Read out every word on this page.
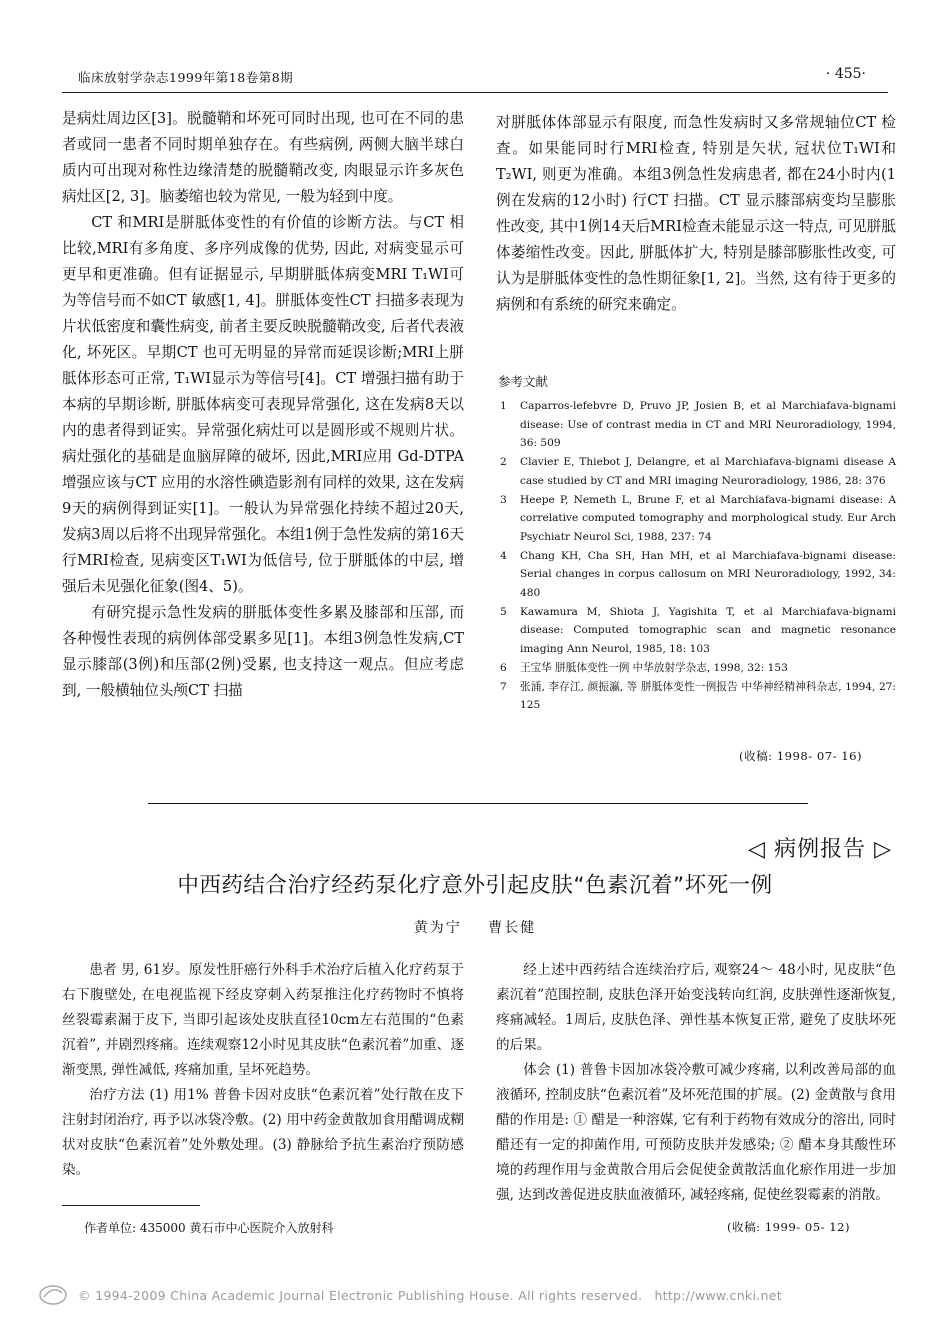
临床放射学杂志1999年第18卷第8期	· 455·

是病灶周边区[3]。脱髓鞘和坏死可同时出现, 也可在不同的患者或同一患者不同时期单独存在。有些病例, 两侧大脑半球白质内可出现对称性边缘清楚的脱髓鞘改变, 肉眼显示许多灰色病灶区[2, 3]。脑萎缩也较为常见, 一般为轻到中度。

CT 和MRI是胼胝体变性的有价值的诊断方法。与CT 相比较,MRI有多角度、多序列成像的优势, 因此, 对病变显示可更早和更准确。但有证据显示, 早期胼胝体病变MRI T₁WI可为等信号而不如CT 敏感[1, 4]。胼胝体变性CT 扫描多表现为片状低密度和囊性病变, 前者主要反映脱髓鞘改变, 后者代表液化, 坏死区。早期CT 也可无明显的异常而延误诊断;MRI上胼胝体形态可正常, T₁WI显示为等信号[4]。CT 增强扫描有助于本病的早期诊断, 胼胝体病变可表现异常强化, 这在发病8天以内的患者得到证实。异常强化病灶可以是圆形或不规则片状。病灶强化的基础是血脑屏障的破坏, 因此,MRI应用 Gd-DTPA 增强应该与CT 应用的水溶性碘造影剂有同样的效果, 这在发病9天的病例得到证实[1]。一般认为异常强化持续不超过20天, 发病3周以后将不出现异常强化。本组1例于急性发病的第16天行MRI检查, 见病变区T₁WI为低信号, 位于胼胝体的中层, 增强后未见强化征象(图4、5)。

有研究提示急性发病的胼胝体变性多累及膝部和压部, 而各种慢性表现的病例体部受累多见[1]。本组3例急性发病,CT 显示膝部(3例)和压部(2例)受累, 也支持这一观点。但应考虑到, 一般横轴位头颅CT 扫描

对胼胝体体部显示有限度, 而急性发病时又多常规轴位CT 检查。如果能同时行MRI检查, 特别是矢状, 冠状位T₁WI和T₂WI, 则更为准确。本组3例急性发病患者, 都在24小时内(1例在发病的12小时) 行CT 扫描。CT 显示膝部病变均呈膨胀性改变, 其中1例14天后MRI检查未能显示这一特点, 可见胼胝体萎缩性改变。因此, 胼胝体扩大, 特别是膝部膨胀性改变, 可认为是胼胝体变性的急性期征象[1, 2]。当然, 这有待于更多的病例和有系统的研究来确定。

参考文献
1	Caparros-lefebvre D, Pruvo JP, Josien B, et al Marchiafava-bignami disease: Use of contrast media in CT and MRI Neuroradiology, 1994, 36: 509
2	Clavier E, Thiebot J, Delangre, et al Marchiafava-bignami disease A case studied by CT and MRI imaging Neuroradiology, 1986, 28: 376
3	Heepe P, Nemeth L, Brune F, et al Marchiafava-bignami disease: A correlative computed tomography and morphological study. Eur Arch Psychiatr Neurol Sci, 1988, 237: 74
4	Chang KH, Cha SH, Han MH, et al Marchiafava-bignami disease: Serial changes in corpus callosum on MRI Neuroradiology, 1992, 34: 480
5	Kawamura M, Shiota J, Yagishita T, et al Marchiafava-bignami disease: Computed tomographic scan and magnetic resonance imaging Ann Neurol, 1985, 18: 103
6	王宝华 胼胝体变性一例 中华放射学杂志, 1998, 32: 153
7	张涌, 李存江, 颜振瀛, 等 胼胝体变性一例报告 中华神经精神科杂志, 1994, 27: 125
(收稿: 1998- 07- 16)
◁ 病例报告 ▷
中西药结合治疗经药泵化疗意外引起皮肤“色素沉着”坏死一例
黄为宁 曹长健

患者 男, 61岁。原发性肝癌行外科手术治疗后植入化疗药泵于右下腹壁处, 在电视监视下经皮穿刺入药泵推注化疗药物时不慎将丝裂霉素漏于皮下, 当即引起该处皮肤直径10cm左右范围的“色素沉着”, 并剧烈疼痛。连续观察12小时见其皮肤“色素沉着”加重、逐渐变黑, 弹性减低, 疼痛加重, 呈坏死趋势。

治疗方法 (1) 用1% 普鲁卡因对皮肤“色素沉着”处行散在皮下注射封闭治疗, 再予以冰袋冷敷。(2) 用中药金黄散加食用醋调成糊状对皮肤“色素沉着”处外敷处理。(3) 静脉给予抗生素治疗预防感染。

经上述中西药结合连续治疗后, 观察24～ 48小时, 见皮肤“色素沉着”范围控制, 皮肤色泽开始变浅转向红润, 皮肤弹性逐渐恢复, 疼痛减轻。1周后, 皮肤色泽、弹性基本恢复正常, 避免了皮肤坏死的后果。

体会 (1) 普鲁卡因加冰袋冷敷可减少疼痛, 以利改善局部的血液循环, 控制皮肤“色素沉着”及坏死范围的扩展。(2) 金黄散与食用醋的作用是: ① 醋是一种溶媒, 它有利于药物有效成分的溶出, 同时醋还有一定的抑菌作用, 可预防皮肤并发感染; ② 醋本身其酸性环境的药理作用与金黄散合用后会促使金黄散活血化瘀作用进一步加强, 达到改善促进皮肤血液循环, 减轻疼痛, 促使丝裂霉素的消散。

作者单位: 435000 黄石市中心医院介入放射科	(收稿: 1999- 05- 12)
© 1994-2009 China Academic Journal Electronic Publishing House. All rights reserved. http://www.cnki.net
